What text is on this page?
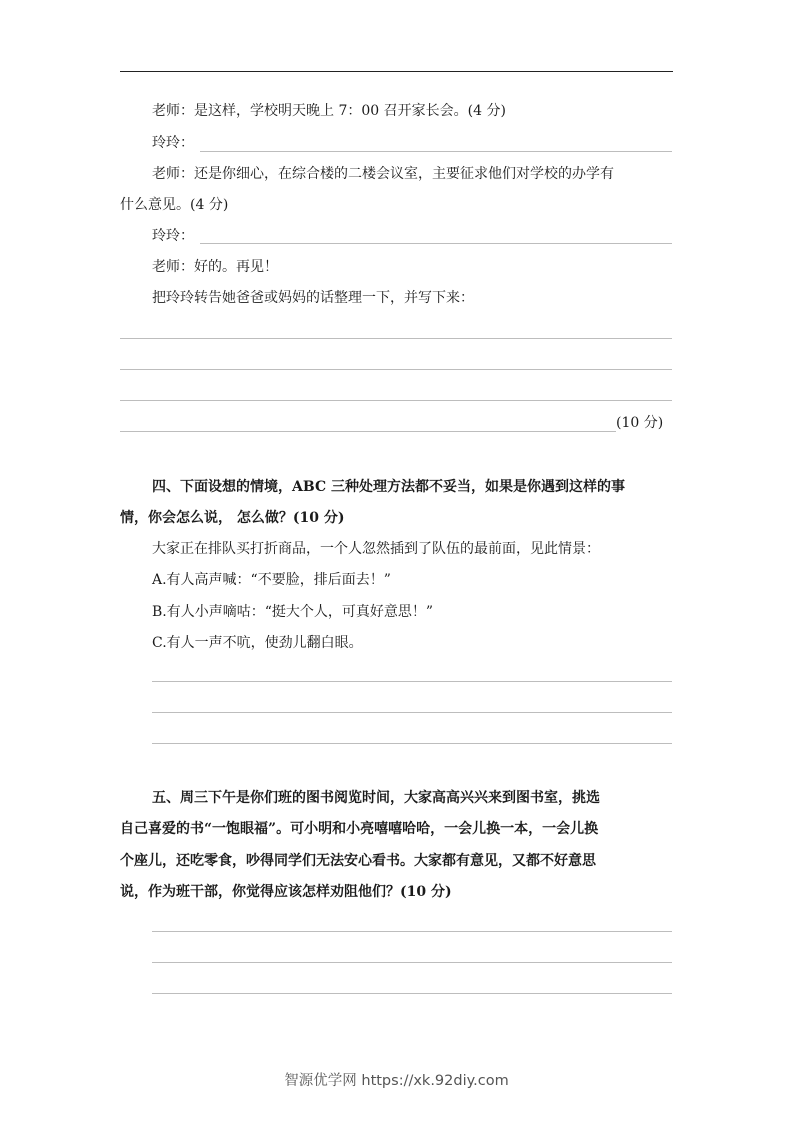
老师：是这样，学校明天晚上 7：00 召开家长会。(4 分)
玲玲：
老师：还是你细心，在综合楼的二楼会议室，主要征求他们对学校的办学有
什么意见。(4 分)
玲玲：
老师：好的。再见！
把玲玲转告她爸爸或妈妈的话整理一下，并写下来：
(10 分)
四、下面设想的情境，ABC 三种处理方法都不妥当，如果是你遇到这样的事
情，你会怎么说， 怎么做？(10 分)
大家正在排队买打折商品，一个人忽然插到了队伍的最前面，见此情景：
A.有人高声喊：“不要脸，排后面去！”
B.有人小声嘀咕：“挺大个人，可真好意思！”
C.有人一声不吭，使劲儿翻白眼。
五、周三下午是你们班的图书阅览时间，大家高高兴兴来到图书室，挑选
自己喜爱的书“一饱眼福”。可小明和小亮嘻嘻哈哈，一会儿换一本，一会儿换
个座儿，还吃零食，吵得同学们无法安心看书。大家都有意见，又都不好意思
说，作为班干部，你觉得应该怎样劝阻他们？(10 分)
智源优学网 https://xk.92diy.com
